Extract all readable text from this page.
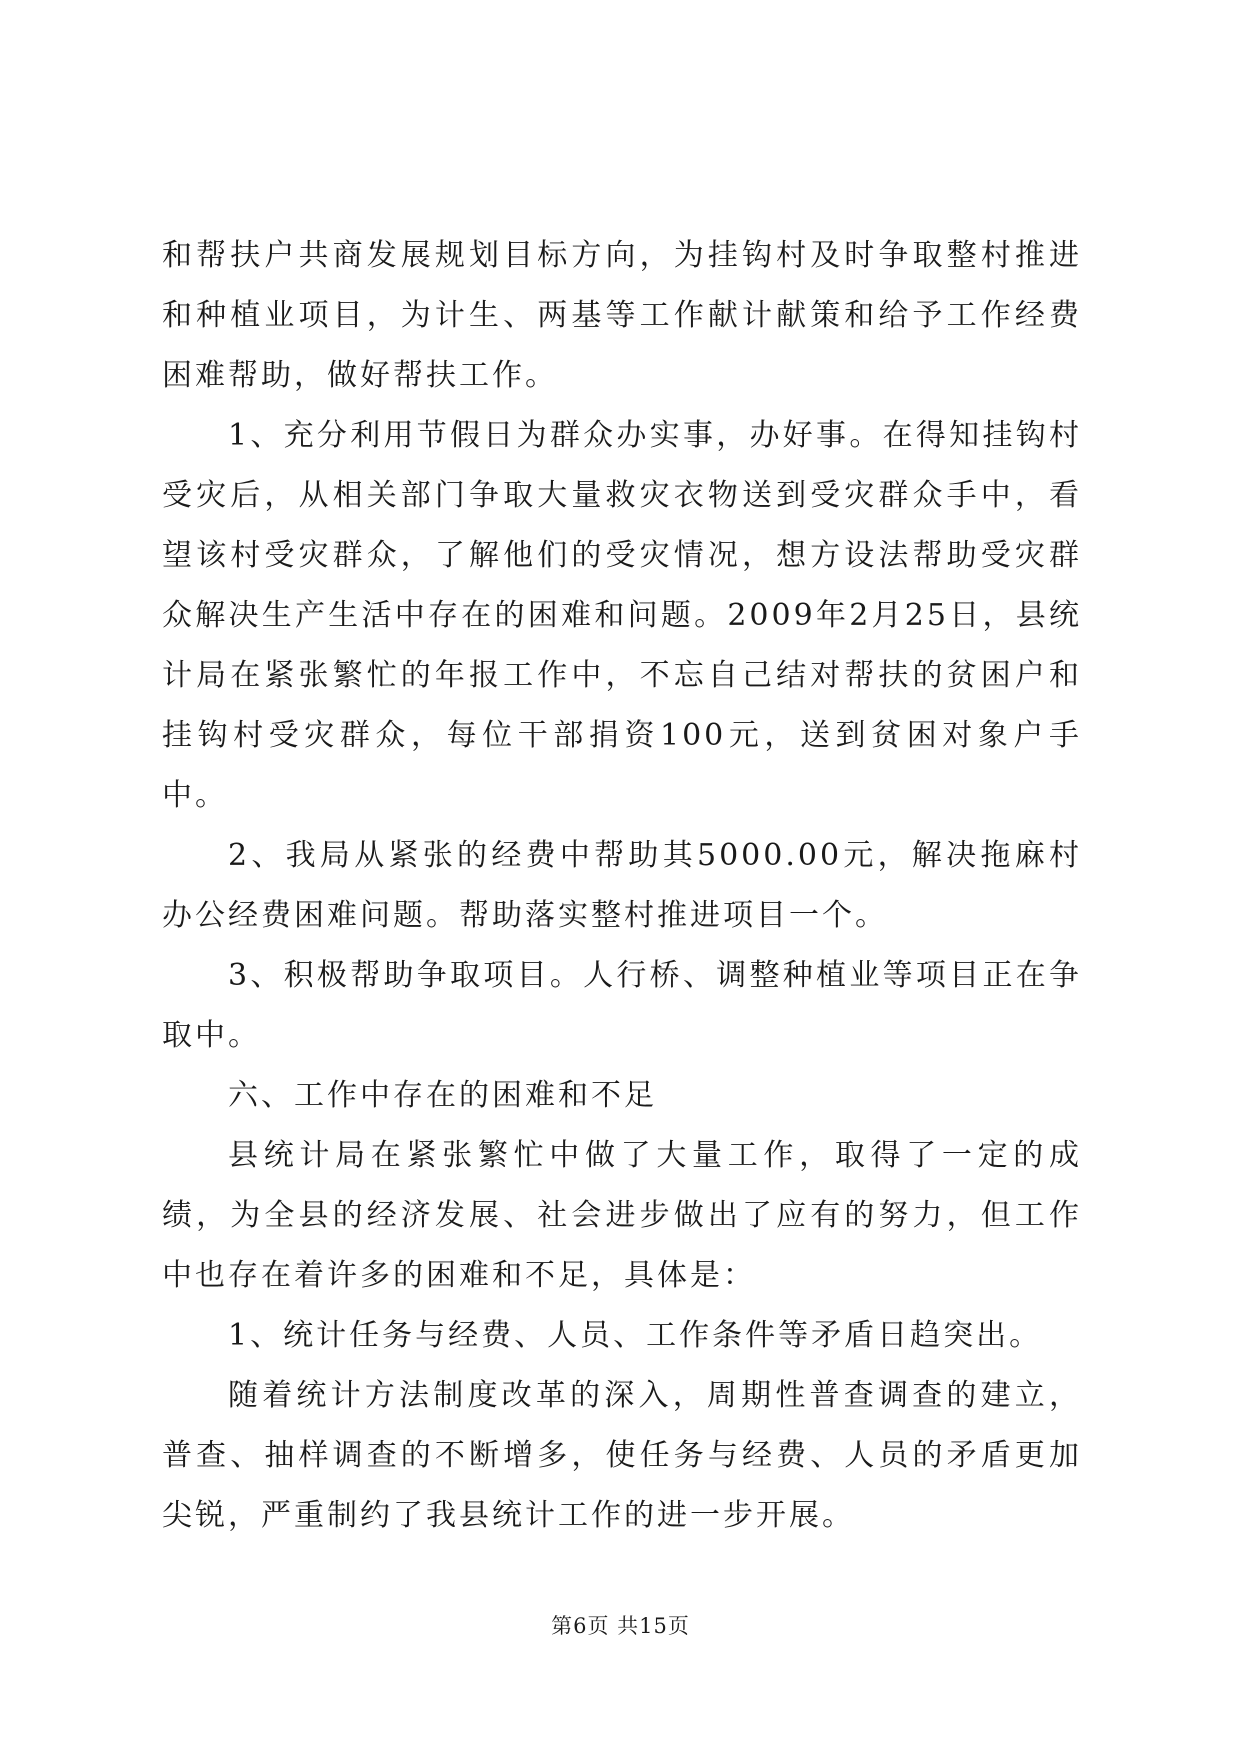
和帮扶户共商发展规划目标方向，为挂钩村及时争取整村推进和种植业项目，为计生、两基等工作献计献策和给予工作经费困难帮助，做好帮扶工作。

1、充分利用节假日为群众办实事，办好事。在得知挂钩村受灾后，从相关部门争取大量救灾衣物送到受灾群众手中，看望该村受灾群众，了解他们的受灾情况，想方设法帮助受灾群众解决生产生活中存在的困难和问题。2009年2月25日，县统计局在紧张繁忙的年报工作中，不忘自己结对帮扶的贫困户和挂钩村受灾群众，每位干部捐资100元，送到贫困对象户手中。

2、我局从紧张的经费中帮助其5000.00元，解决拖麻村办公经费困难问题。帮助落实整村推进项目一个。

3、积极帮助争取项目。人行桥、调整种植业等项目正在争取中。

六、工作中存在的困难和不足

县统计局在紧张繁忙中做了大量工作，取得了一定的成绩，为全县的经济发展、社会进步做出了应有的努力，但工作中也存在着许多的困难和不足，具体是：

1、统计任务与经费、人员、工作条件等矛盾日趋突出。

随着统计方法制度改革的深入，周期性普查调查的建立，普查、抽样调查的不断增多，使任务与经费、人员的矛盾更加尖锐，严重制约了我县统计工作的进一步开展。

第6页 共15页
